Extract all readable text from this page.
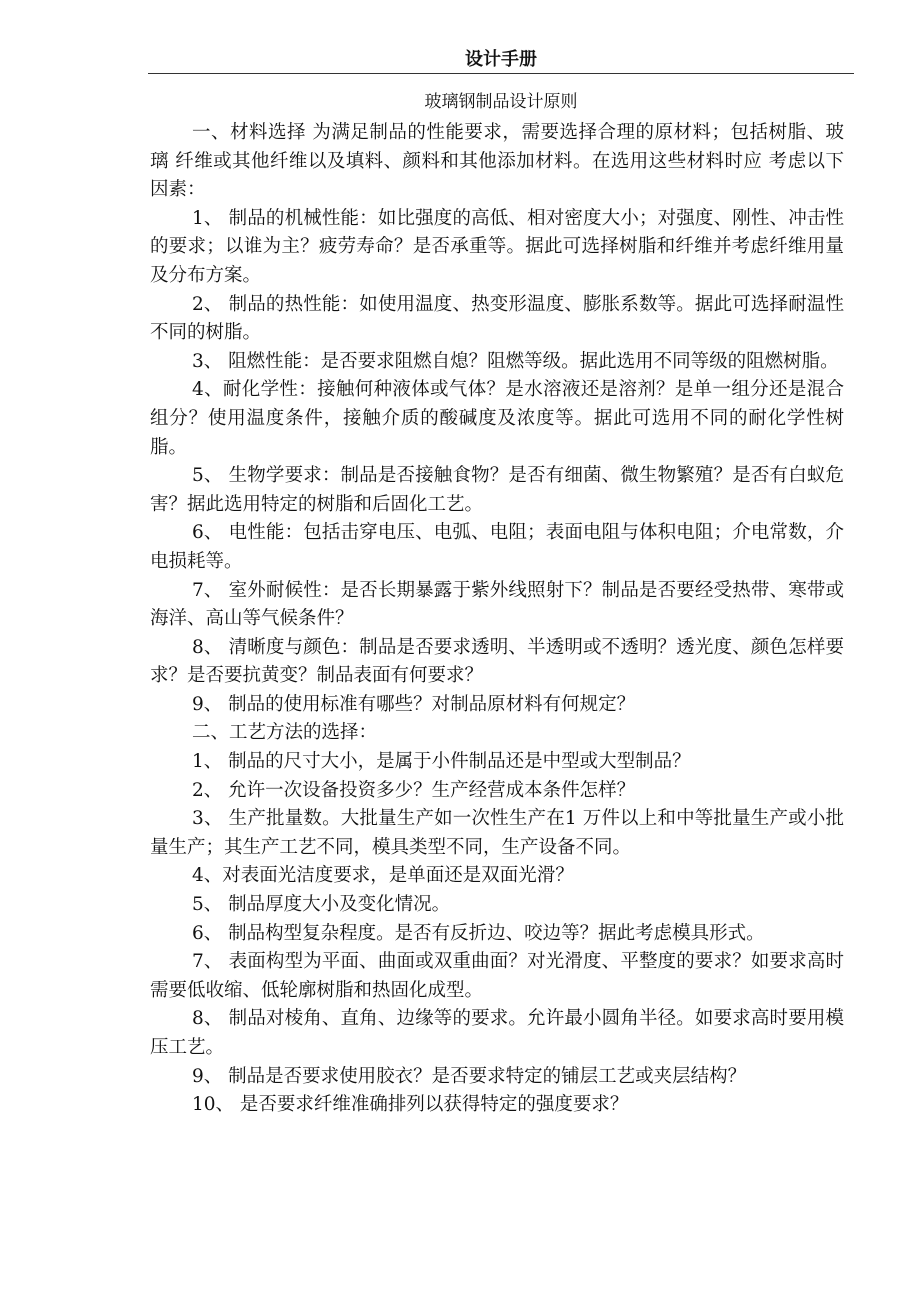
设计手册
玻璃钢制品设计原则

一、材料选择 为满足制品的性能要求，需要选择合理的原材料；包括树脂、玻璃 纤维或其他纤维以及填料、颜料和其他添加材料。在选用这些材料时应 考虑以下因素：

1、 制品的机械性能：如比强度的高低、相对密度大小；对强度、刚性、冲击性的要求；以谁为主？疲劳寿命？是否承重等。据此可选择树脂和纤维并考虑纤维用量及分布方案。

2、 制品的热性能：如使用温度、热变形温度、膨胀系数等。据此可选择耐温性不同的树脂。

3、 阻燃性能：是否要求阻燃自熄？阻燃等级。据此选用不同等级的阻燃树脂。

4、耐化学性：接触何种液体或气体？是水溶液还是溶剂？是单一组分还是混合组分？使用温度条件，接触介质的酸碱度及浓度等。据此可选用不同的耐化学性树脂。

5、 生物学要求：制品是否接触食物？是否有细菌、微生物繁殖？是否有白蚁危害？据此选用特定的树脂和后固化工艺。

6、 电性能：包括击穿电压、电弧、电阻；表面电阻与体积电阻；介电常数，介电损耗等。

7、 室外耐候性：是否长期暴露于紫外线照射下？制品是否要经受热带、寒带或海洋、高山等气候条件？

8、 清晰度与颜色：制品是否要求透明、半透明或不透明？透光度、颜色怎样要求？是否要抗黄变？制品表面有何要求？

9、 制品的使用标准有哪些？对制品原材料有何规定？

二、工艺方法的选择：

1、 制品的尺寸大小，是属于小件制品还是中型或大型制品？

2、 允许一次设备投资多少？生产经营成本条件怎样？

3、 生产批量数。大批量生产如一次性生产在1 万件以上和中等批量生产或小批量生产；其生产工艺不同，模具类型不同，生产设备不同。

4、对表面光洁度要求，是单面还是双面光滑？

5、 制品厚度大小及变化情况。

6、 制品构型复杂程度。是否有反折边、咬边等？据此考虑模具形式。

7、 表面构型为平面、曲面或双重曲面？对光滑度、平整度的要求？如要求高时需要低收缩、低轮廓树脂和热固化成型。

8、 制品对棱角、直角、边缘等的要求。允许最小圆角半径。如要求高时要用模压工艺。

9、 制品是否要求使用胶衣？是否要求特定的铺层工艺或夹层结构？

10、 是否要求纤维准确排列以获得特定的强度要求？
